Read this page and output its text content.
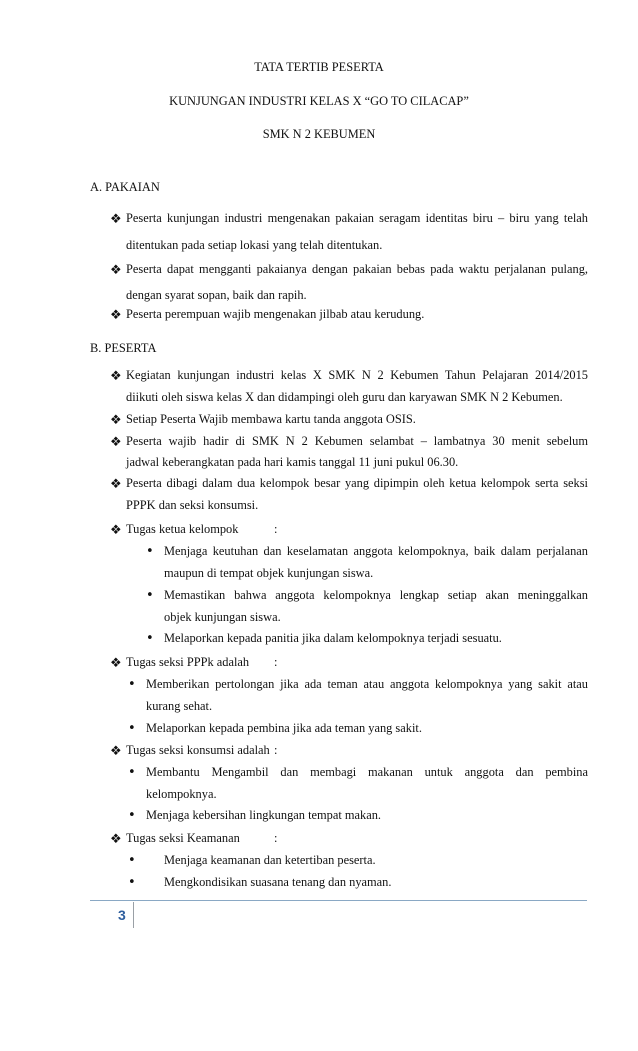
TATA TERTIB PESERTA
KUNJUNGAN INDUSTRI KELAS X “GO TO CILACAP”
SMK N 2 KEBUMEN
A. PAKAIAN
❖ Peserta kunjungan industri mengenakan pakaian seragam identitas biru – biru yang telah
ditentukan pada setiap lokasi yang telah ditentukan.
❖ Peserta dapat mengganti pakaianya dengan pakaian bebas pada waktu perjalanan pulang,
dengan syarat sopan, baik dan rapih.
❖ Peserta perempuan wajib mengenakan jilbab atau kerudung.
B. PESERTA
❖ Kegiatan kunjungan industri kelas X SMK N 2 Kebumen Tahun Pelajaran 2014/2015
diikuti oleh siswa kelas X dan didampingi oleh guru dan karyawan SMK N 2 Kebumen.
❖ Setiap Peserta Wajib membawa kartu tanda anggota OSIS.
❖ Peserta wajib hadir di SMK N 2 Kebumen selambat – lambatnya 30 menit sebelum
jadwal keberangkatan pada hari kamis tanggal 11 juni pukul 06.30.
❖ Peserta dibagi dalam dua kelompok besar yang dipimpin oleh ketua kelompok serta seksi
PPPK dan seksi konsumsi.
❖ Tugas ketua kelompok	:
• Menjaga keutuhan dan keselamatan anggota kelompoknya, baik dalam perjalanan
maupun di tempat objek kunjungan siswa.
• Memastikan bahwa anggota kelompoknya lengkap setiap akan meninggalkan
objek kunjungan siswa.
• Melaporkan kepada panitia jika dalam kelompoknya terjadi sesuatu.
❖ Tugas seksi PPPk adalah :
• Memberikan pertolongan jika ada teman atau anggota kelompoknya yang sakit atau
kurang sehat.
• Melaporkan kepada pembina jika ada teman yang sakit.
❖ Tugas seksi konsumsi adalah :
• Membantu Mengambil dan membagi makanan untuk anggota dan pembina
kelompoknya.
• Menjaga kebersihan lingkungan tempat makan.
❖ Tugas seksi Keamanan	:
• Menjaga keamanan dan ketertiban peserta.
• Mengkondisikan suasana tenang dan nyaman.
3
